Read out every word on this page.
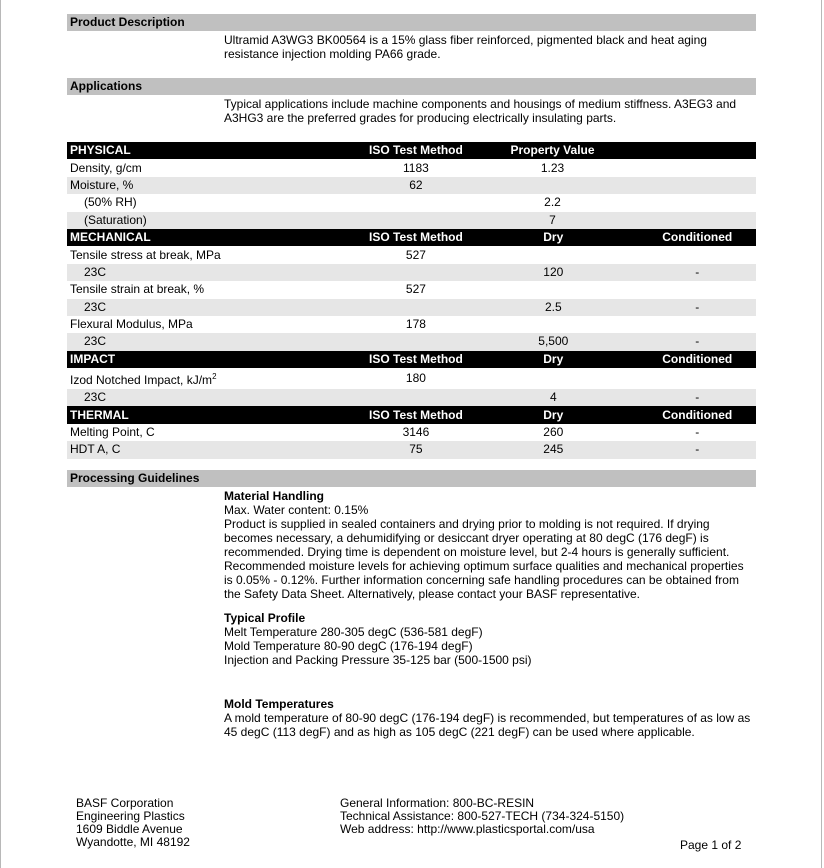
Product Description
Ultramid A3WG3 BK00564 is a 15% glass fiber reinforced, pigmented black and heat aging resistance injection molding PA66 grade.
Applications
Typical applications include machine components and housings of medium stiffness. A3EG3 and A3HG3 are the preferred grades for producing electrically insulating parts.
PHYSICAL	ISO Test Method	Property Value	
Density, g/cm	1183	1.23	
Moisture, %	62		
(50% RH)		2.2	
(Saturation)		7	
MECHANICAL	ISO Test Method	Dry	Conditioned
Tensile stress at break, MPa	527		
23C		120	-
Tensile strain at break, %	527		
23C		2.5	-
Flexural Modulus, MPa	178		
23C		5,500	-
IMPACT	ISO Test Method	Dry	Conditioned
Izod Notched Impact, $kJ/m^2$	180		
23C		4	-
THERMAL	ISO Test Method	Dry	Conditioned
Melting Point, C	3146	260	-
HDT A, C	75	245	-
Processing Guidelines
Material Handling
Max. Water content: 0.15%
Product is supplied in sealed containers and drying prior to molding is not required. If drying becomes necessary, a dehumidifying or desiccant dryer operating at 80 degC (176 degF) is recommended. Drying time is dependent on moisture level, but 2-4 hours is generally sufficient. Recommended moisture levels for achieving optimum surface qualities and mechanical properties is 0.05% - 0.12%. Further information concerning safe handling procedures can be obtained from the Safety Data Sheet. Alternatively, please contact your BASF representative.
Typical Profile
Melt Temperature 280-305 degC (536-581 degF)
Mold Temperature 80-90 degC (176-194 degF)
Injection and Packing Pressure 35-125 bar (500-1500 psi)
Mold Temperatures
A mold temperature of 80-90 degC (176-194 degF) is recommended, but temperatures of as low as 45 degC (113 degF) and as high as 105 degC (221 degF) can be used where applicable.
BASF Corporation
Engineering Plastics
1609 Biddle Avenue
Wyandotte, MI 48192
General Information: 800-BC-RESIN
Technical Assistance: 800-527-TECH (734-324-5150)
Web address: http://www.plasticsportal.com/usa
Page 1 of 2
